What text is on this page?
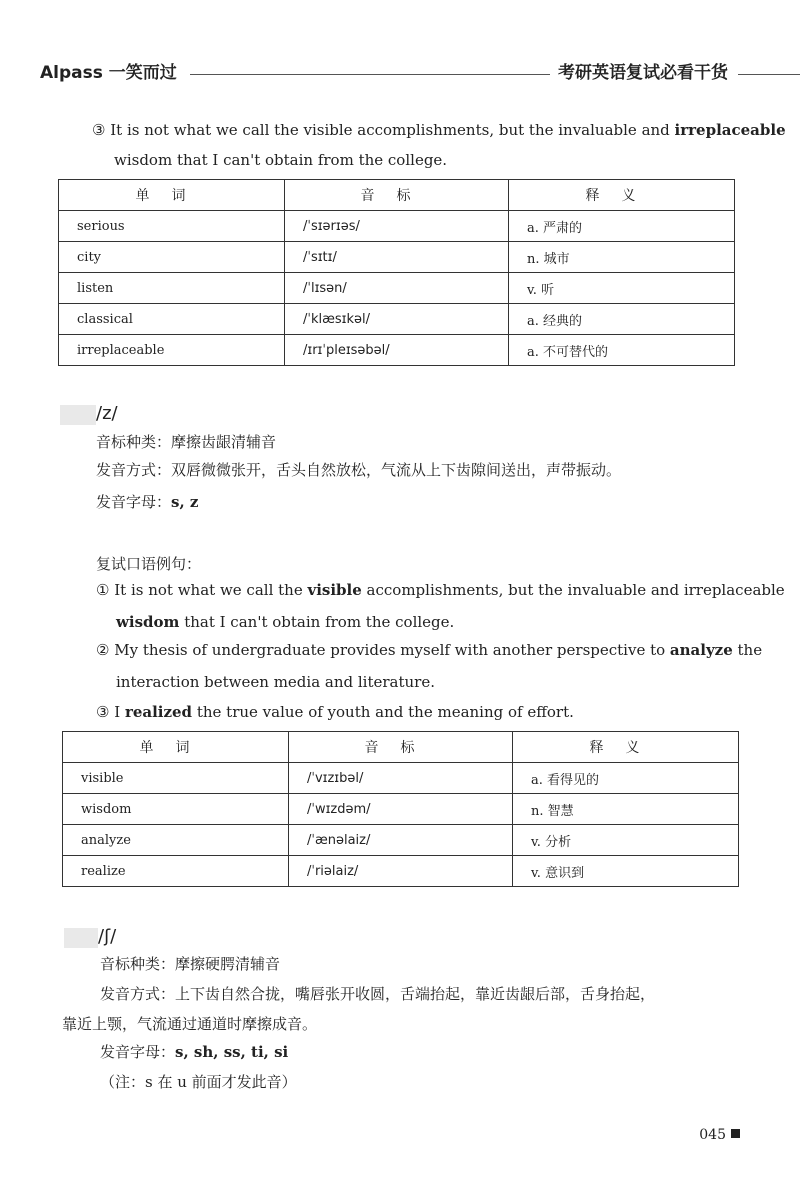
Alpass 一笑而过	考研英语复试必看干货
③ It is not what we call the visible accomplishments, but the invaluable and irreplaceable
wisdom that I can't obtain from the college.
单词	音标	释义
serious	/ˈsɪərɪəs/	a. 严肃的
city	/ˈsɪtɪ/	n. 城市
listen	/ˈlɪsən/	v. 听
classical	/ˈklæsɪkəl/	a. 经典的
irreplaceable	/ɪrɪˈpleɪsəbəl/	a. 不可替代的
/z/
音标种类：摩擦齿龈清辅音
发音方式：双唇微微张开，舌头自然放松，气流从上下齿隙间送出，声带振动。
发音字母：s, z
复试口语例句：
① It is not what we call the visible accomplishments, but the invaluable and irreplaceable
wisdom that I can't obtain from the college.
② My thesis of undergraduate provides myself with another perspective to analyze the
interaction between media and literature.
③ I realized the true value of youth and the meaning of effort.
单词	音标	释义
visible	/ˈvɪzɪbəl/	a. 看得见的
wisdom	/ˈwɪzdəm/	n. 智慧
analyze	/ˈænəlaiz/	v. 分析
realize	/ˈriəlaiz/	v. 意识到
/ʃ/
音标种类：摩擦硬腭清辅音
发音方式：上下齿自然合拢，嘴唇张开收圆，舌端抬起，靠近齿龈后部，舌身抬起，
靠近上颚，气流通过通道时摩擦成音。
发音字母：s, sh, ss, ti, si
（注：s 在 u 前面才发此音）
045
